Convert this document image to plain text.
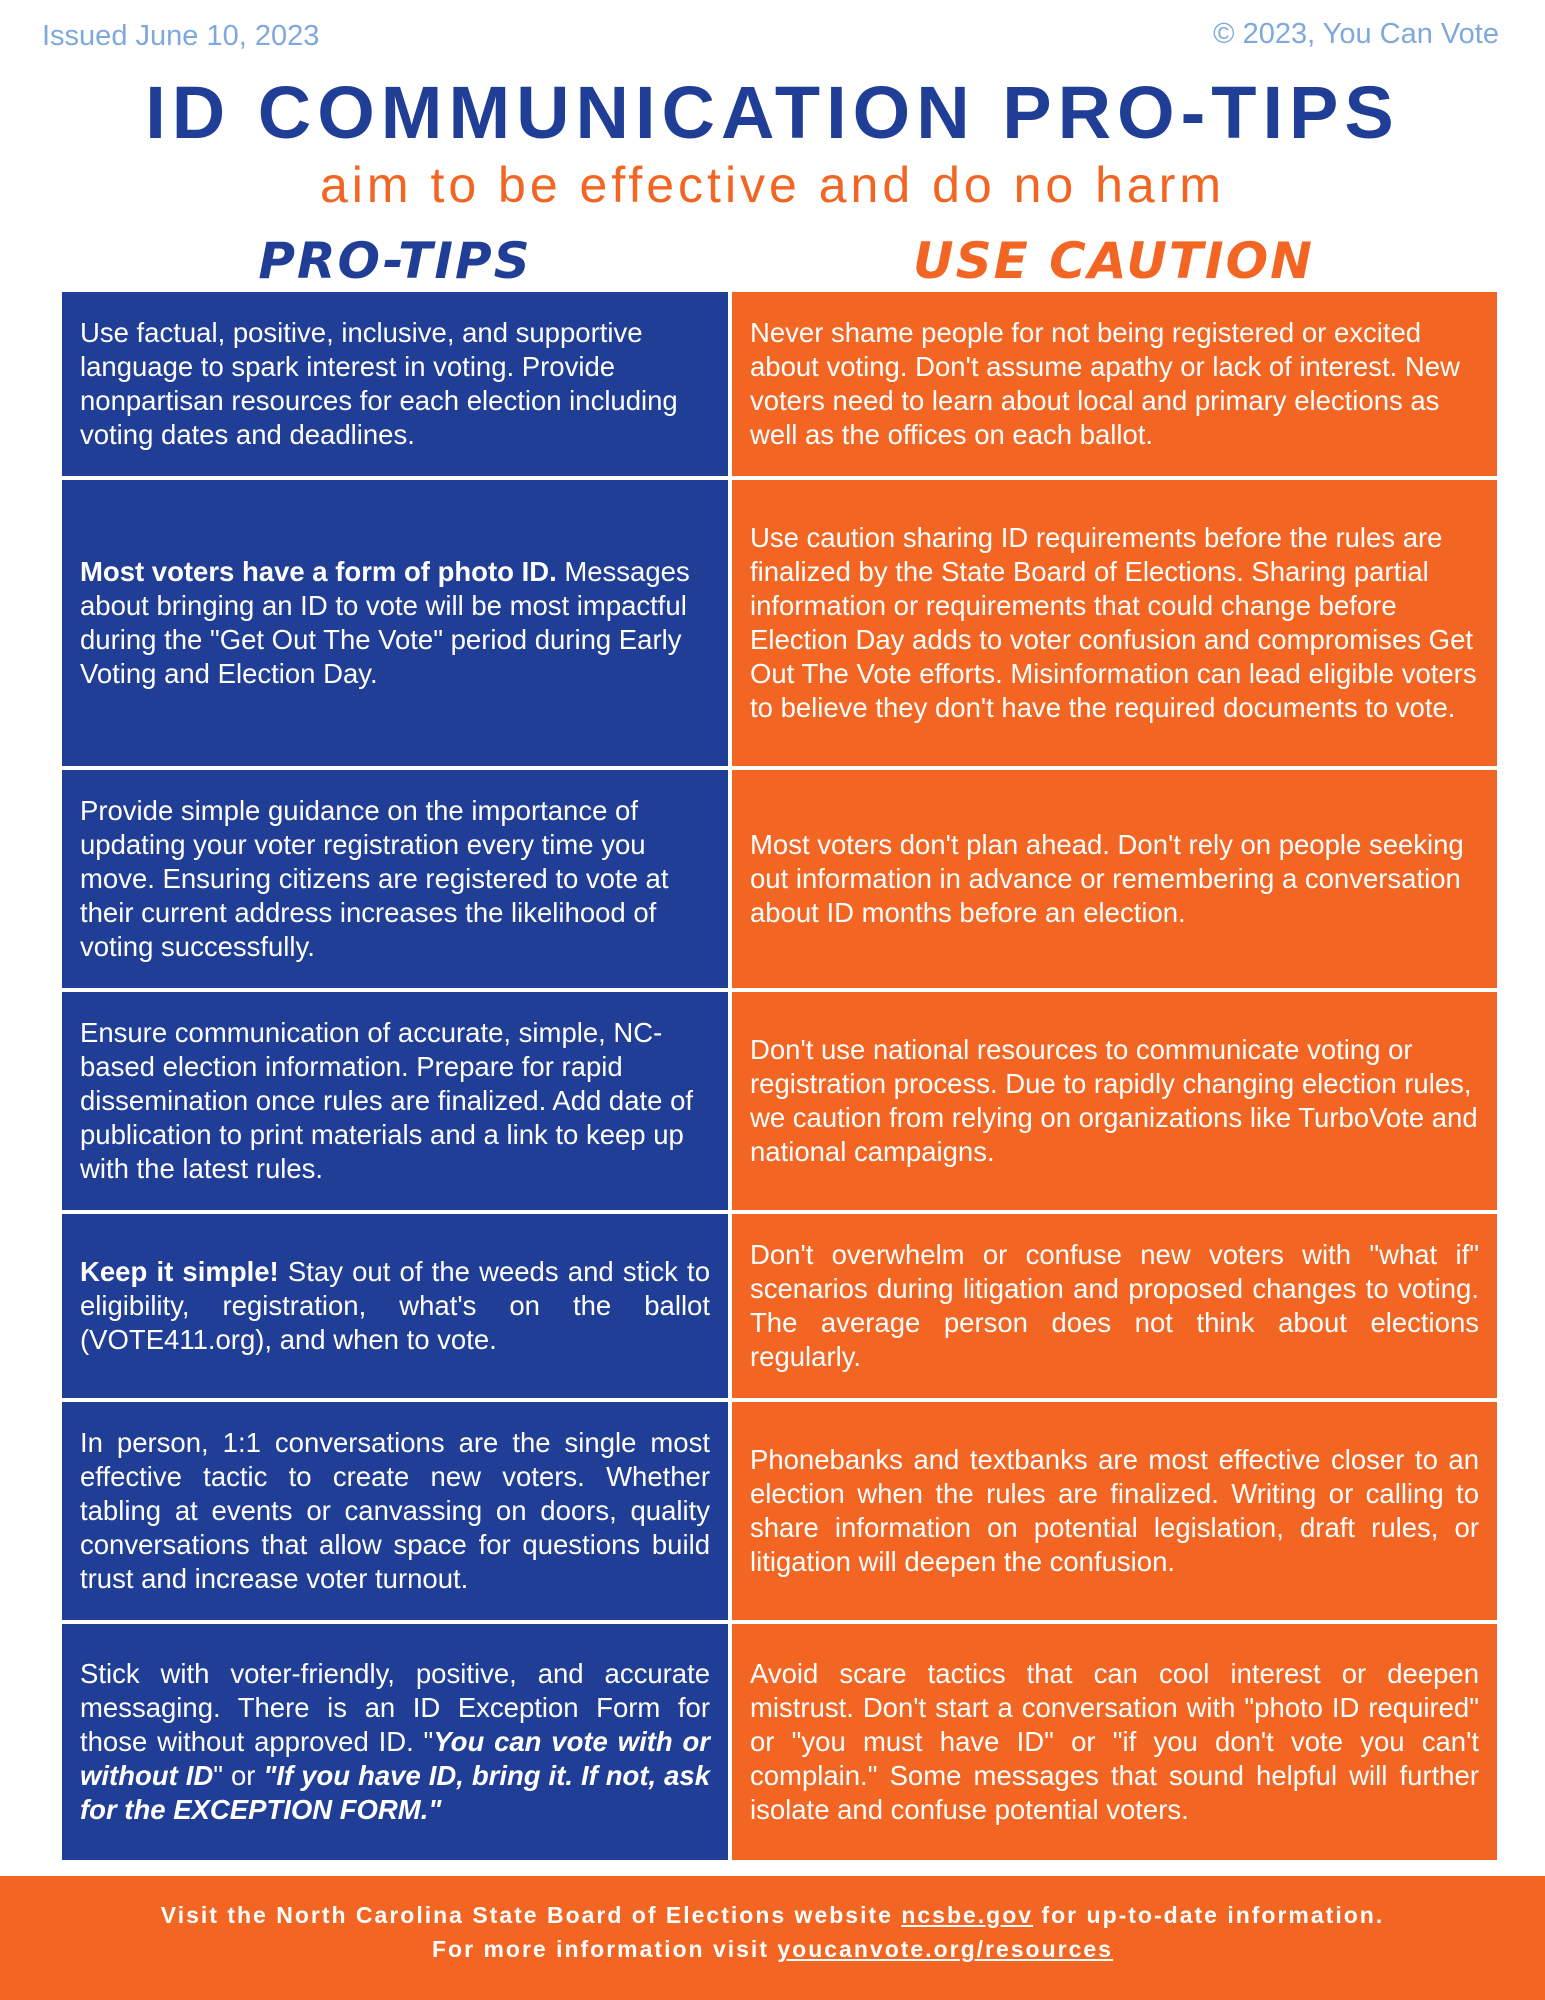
Issued June 10, 2023	© 2023, You Can Vote
ID COMMUNICATION PRO-TIPS
aim to be effective and do no harm
PRO-TIPS	USE CAUTION
Use factual, positive, inclusive, and supportive language to spark interest in voting. Provide nonpartisan resources for each election including voting dates and deadlines.
Never shame people for not being registered or excited about voting. Don't assume apathy or lack of interest. New voters need to learn about local and primary elections as well as the offices on each ballot.
Most voters have a form of photo ID. Messages about bringing an ID to vote will be most impactful during the "Get Out The Vote" period during Early Voting and Election Day.
Use caution sharing ID requirements before the rules are finalized by the State Board of Elections. Sharing partial information or requirements that could change before Election Day adds to voter confusion and compromises Get Out The Vote efforts. Misinformation can lead eligible voters to believe they don't have the required documents to vote.
Provide simple guidance on the importance of updating your voter registration every time you move. Ensuring citizens are registered to vote at their current address increases the likelihood of voting successfully.
Most voters don't plan ahead. Don't rely on people seeking out information in advance or remembering a conversation about ID months before an election.
Ensure communication of accurate, simple, NC-based election information. Prepare for rapid dissemination once rules are finalized. Add date of publication to print materials and a link to keep up with the latest rules.
Don't use national resources to communicate voting or registration process. Due to rapidly changing election rules, we caution from relying on organizations like TurboVote and national campaigns.
Keep it simple! Stay out of the weeds and stick to eligibility, registration, what's on the ballot (VOTE411.org), and when to vote.
Don't overwhelm or confuse new voters with "what if" scenarios during litigation and proposed changes to voting. The average person does not think about elections regularly.
In person, 1:1 conversations are the single most effective tactic to create new voters. Whether tabling at events or canvassing on doors, quality conversations that allow space for questions build trust and increase voter turnout.
Phonebanks and textbanks are most effective closer to an election when the rules are finalized. Writing or calling to share information on potential legislation, draft rules, or litigation will deepen the confusion.
Stick with voter-friendly, positive, and accurate messaging. There is an ID Exception Form for those without approved ID. "You can vote with or without ID" or "If you have ID, bring it. If not, ask for the EXCEPTION FORM."
Avoid scare tactics that can cool interest or deepen mistrust. Don't start a conversation with "photo ID required" or "you must have ID" or "if you don't vote you can't complain." Some messages that sound helpful will further isolate and confuse potential voters.
Visit the North Carolina State Board of Elections website ncsbe.gov for up-to-date information.
For more information visit youcanvote.org/resources
